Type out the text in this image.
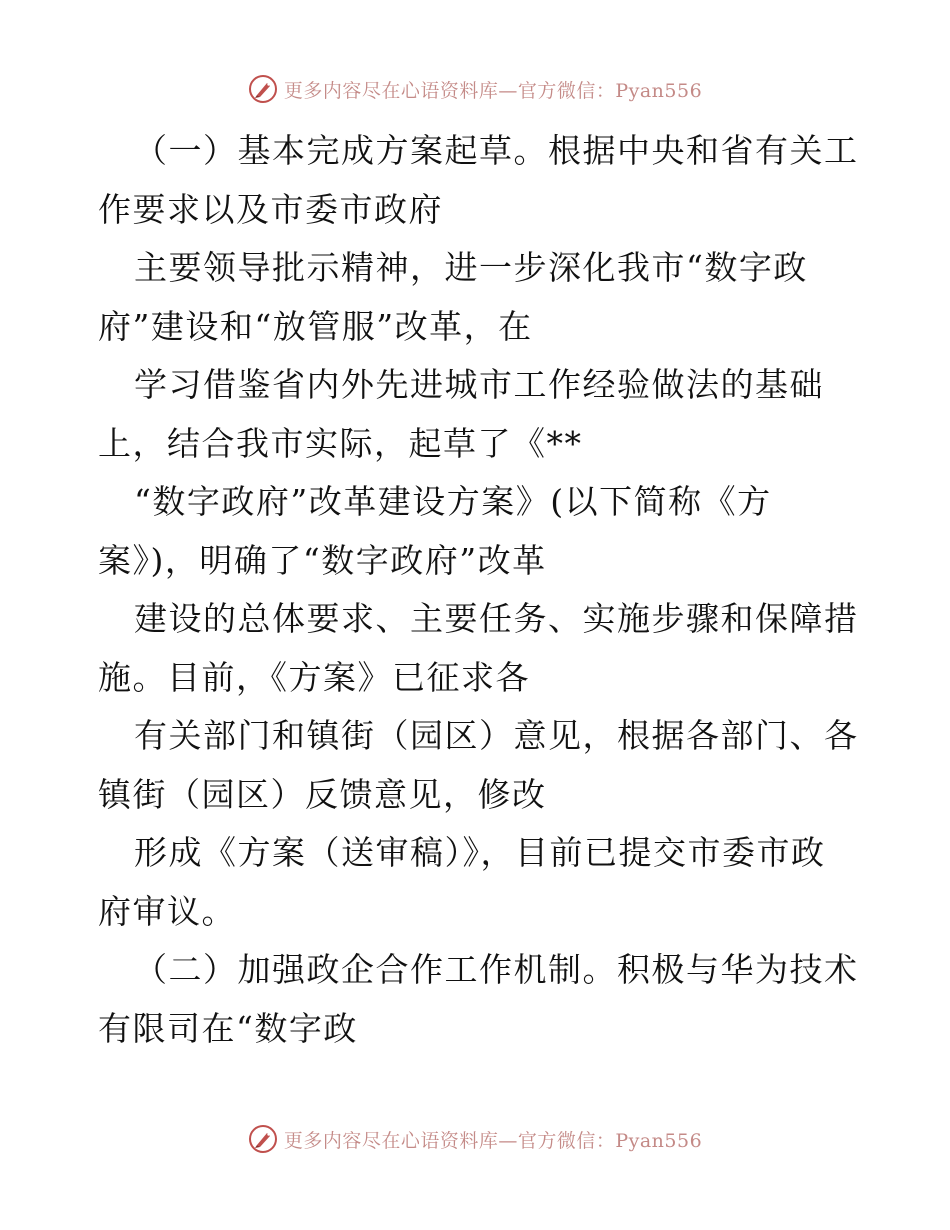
更多内容尽在心语资料库—官方微信：Pyan556
（一）基本完成方案起草。根据中央和省有关工
作要求以及市委市政府
主要领导批示精神，进一步深化我市“数字政
府”建设和“放管服”改革，在
学习借鉴省内外先进城市工作经验做法的基础
上，结合我市实际，起草了《**
“数字政府”改革建设方案》(以下简称《方
案》)，明确了“数字政府”改革
建设的总体要求、主要任务、实施步骤和保障措
施。目前，《方案》已征求各
有关部门和镇街（园区）意见，根据各部门、各
镇街（园区）反馈意见，修改
形成《方案（送审稿）》，目前已提交市委市政
府审议。
（二）加强政企合作工作机制。积极与华为技术
有限司在“数字政
更多内容尽在心语资料库—官方微信：Pyan556
